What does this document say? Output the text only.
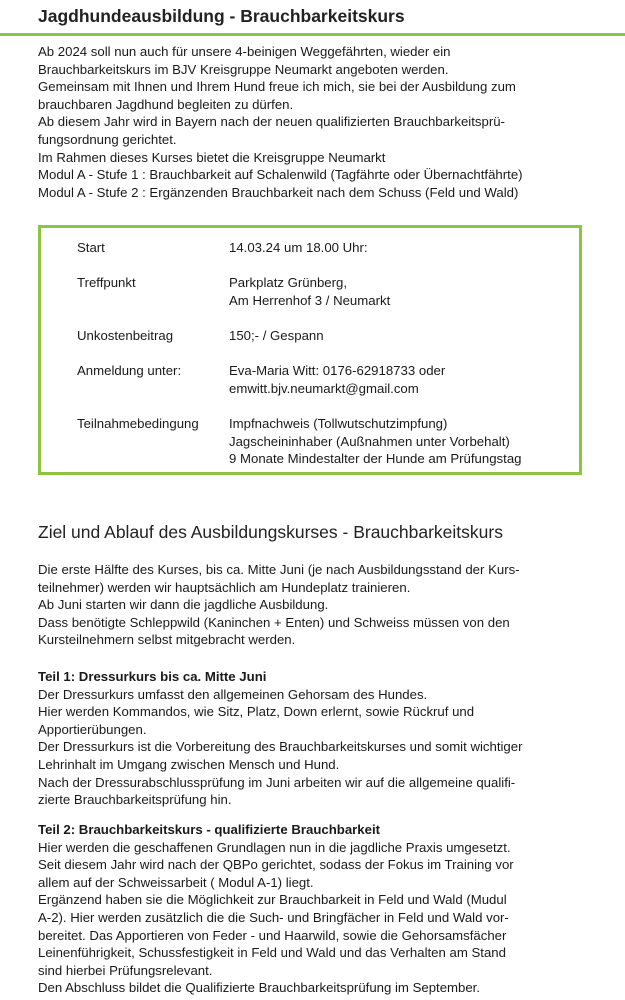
Jagdhundeausbildung - Brauchbarkeitskurs

Ab 2024 soll nun auch für unsere 4-beinigen Weggefährten, wieder ein

Brauchbarkeitskurs im BJV Kreisgruppe Neumarkt angeboten werden.

Gemeinsam mit Ihnen und Ihrem Hund freue ich mich, sie bei der Ausbildung zum

brauchbaren Jagdhund begleiten zu dürfen.

Ab diesem Jahr wird in Bayern nach der neuen qualifizierten Brauchbarkeitsprü-

fungsordnung gerichtet.

Im Rahmen dieses Kurses bietet die Kreisgruppe Neumarkt

Modul A - Stufe 1 : Brauchbarkeit auf Schalenwild (Tagfährte oder Übernachtfährte)

Modul A - Stufe 2 : Ergänzenden Brauchbarkeit nach dem Schuss (Feld und Wald)

Start	14.03.24 um 18.00 Uhr:

Treffpunkt	Parkplatz Grünberg,

Am Herrenhof 3 / Neumarkt

Unkostenbeitrag	150;- / Gespann

Anmeldung unter:	Eva-Maria Witt: 0176-62918733 oder

emwitt.bjv.neumarkt@gmail.com

Teilnahmebedingung Impfnachweis (Tollwutschutzimpfung)

Jagscheininhaber (Außnahmen unter Vorbehalt)

9 Monate Mindestalter der Hunde am Prüfungstag

Ziel und Ablauf des Ausbildungskurses - Brauchbarkeitskurs

Die erste Hälfte des Kurses, bis ca. Mitte Juni (je nach Ausbildungsstand der Kurs-

teilnehmer) werden wir hauptsächlich am Hundeplatz trainieren.

Ab Juni starten wir dann die jagdliche Ausbildung.

Dass benötigte Schleppwild (Kaninchen + Enten) und Schweiss müssen von den

Kursteilnehmern selbst mitgebracht werden.

Teil 1: Dressurkurs bis ca. Mitte Juni

Der Dressurkurs umfasst den allgemeinen Gehorsam des Hundes.

Hier werden Kommandos, wie Sitz, Platz, Down erlernt, sowie Rückruf und

Apportierübungen.

Der Dressurkurs ist die Vorbereitung des Brauchbarkeitskurses und somit wichtiger

Lehrinhalt im Umgang zwischen Mensch und Hund.

Nach der Dressurabschlussprüfung im Juni arbeiten wir auf die allgemeine qualifi-

zierte Brauchbarkeitsprüfung hin.

Teil 2: Brauchbarkeitskurs - qualifizierte Brauchbarkeit

Hier werden die geschaffenen Grundlagen nun in die jagdliche Praxis umgesetzt.

Seit diesem Jahr wird nach der QBPo gerichtet, sodass der Fokus im Training vor

allem auf der Schweissarbeit ( Modul A-1) liegt.

Ergänzend haben sie die Möglichkeit zur Brauchbarkeit in Feld und Wald (Mudul

A-2). Hier werden zusätzlich die die Such- und Bringfächer in Feld und Wald vor-

bereitet. Das Apportieren von Feder - und Haarwild, sowie die Gehorsamsfächer

Leinenführigkeit, Schussfestigkeit in Feld und Wald und das Verhalten am Stand

sind hierbei Prüfungsrelevant.

Den Abschluss bildet die Qualifizierte Brauchbarkeitsprüfung im September.
